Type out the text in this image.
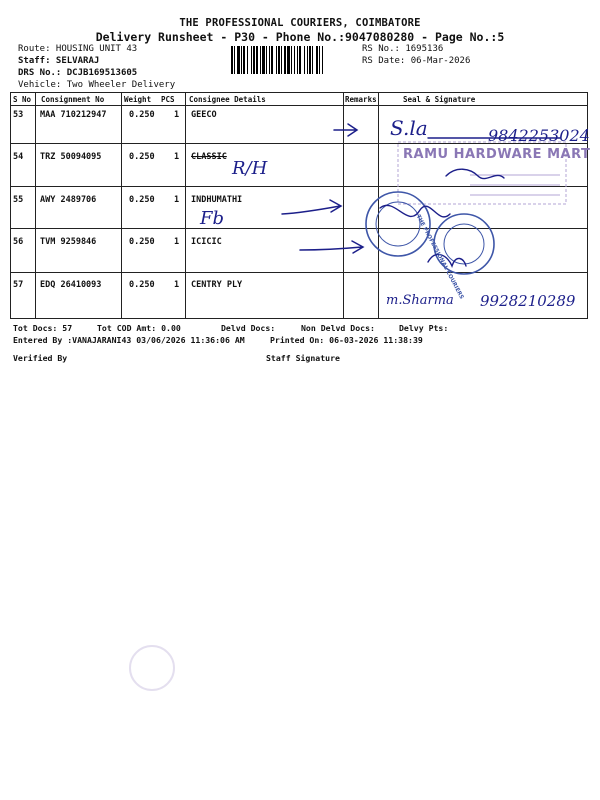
THE PROFESSIONAL COURIERS, COIMBATORE
Delivery Runsheet - P30 - Phone No.:9047080280 - Page No.:5
Route: HOUSING UNIT 43
Staff: SELVARAJ
DRS No.: DCJB169513605
Vehicle: Two Wheeler Delivery
RS No.: 1695136
RS Date: 06-Mar-2026
S No Consignment No	Weight PCS Consignee Details	Remarks	Seal & Signature
53 MAA 710212947	0.250 1 GEECO
54 TRZ 50094095	0.250 1 CLASSIC
55 AWY 2489706	0.250 1 INDHUMATHI
56 TVM 9259846	0.250 1 ICICIC
57 EDQ 26410093	0.250 1 CENTRY PLY
Tot Docs: 57	Tot COD Amt: 0.00	Delvd Docs:	Non Delvd Docs:	Delvy Pts:
Entered By :VANAJARANI43 03/06/2026 11:36:06 AM	Printed On: 06-03-2026 11:38:39
Verified By	Staff Signature
RAMU HARDWARE MART
THE PROFESSIONAL COURIERS
S.la	9842253024
R/H
Fb
m.Sharma 9928210289
